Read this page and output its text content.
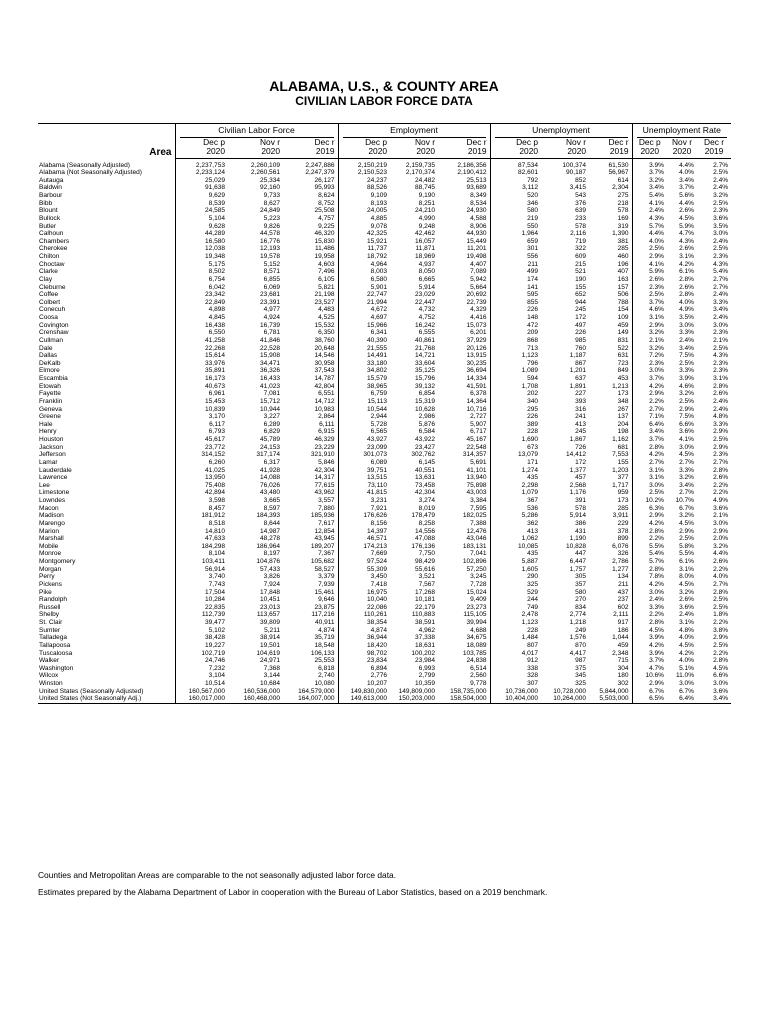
ALABAMA, U.S., & COUNTY AREA
CIVILIAN LABOR FORCE DATA

	Civilian Labor Force			Employment			Unemployment			Unemployment Rate		

Area	Dec p	Nov r	Dec r	Dec p	Nov r	Dec r	Dec p	Nov r	Dec r	Dec p	Nov r	Dec r
	2020	2020	2019	2020	2020	2019	2020	2020	2019	2020	2020	2019

Alabama (Seasonally Adjusted)	2,237,753	2,260,109	2,247,886	2,150,219	2,159,735	2,186,356	87,534	100,374	61,530	3.9%	4.4%	2.7%
Alabama (Not Seasonally Adjusted)	2,233,124	2,260,561	2,247,379	2,150,523	2,170,374	2,190,412	82,601	90,187	56,967	3.7%	4.0%	2.5%
Autauga	25,029	25,334	26,127	24,237	24,482	25,513	792	852	614	3.2%	3.4%	2.4%
Baldwin	91,638	92,160	95,993	88,526	88,745	93,689	3,112	3,415	2,304	3.4%	3.7%	2.4%
Barbour	9,629	9,733	8,624	9,109	9,190	8,349	520	543	275	5.4%	5.6%	3.2%
Bibb	8,539	8,627	8,752	8,193	8,251	8,534	346	376	218	4.1%	4.4%	2.5%
Blount	24,585	24,849	25,508	24,005	24,210	24,930	580	639	578	2.4%	2.6%	2.3%
Bullock	5,104	5,223	4,757	4,885	4,990	4,588	219	233	169	4.3%	4.5%	3.6%
Butler	9,628	9,826	9,225	9,078	9,248	8,906	550	578	319	5.7%	5.9%	3.5%
Calhoun	44,289	44,578	46,320	42,325	42,462	44,930	1,964	2,116	1,390	4.4%	4.7%	3.0%
Chambers	16,580	16,776	15,830	15,921	16,057	15,449	659	719	381	4.0%	4.3%	2.4%
Cherokee	12,038	12,193	11,486	11,737	11,871	11,201	301	322	285	2.5%	2.6%	2.5%
Chilton	19,348	19,578	19,958	18,792	18,969	19,498	556	609	460	2.9%	3.1%	2.3%
Choctaw	5,175	5,152	4,603	4,964	4,937	4,407	211	215	196	4.1%	4.2%	4.3%
Clarke	8,502	8,571	7,496	8,003	8,050	7,089	499	521	407	5.9%	6.1%	5.4%
Clay	6,754	6,855	6,105	6,580	6,665	5,942	174	190	163	2.6%	2.8%	2.7%
Cleburne	6,042	6,069	5,821	5,901	5,914	5,664	141	155	157	2.3%	2.6%	2.7%
Coffee	23,342	23,681	21,198	22,747	23,029	20,692	595	652	506	2.5%	2.8%	2.4%
Colbert	22,849	23,391	23,527	21,994	22,447	22,739	855	944	788	3.7%	4.0%	3.3%
Conecuh	4,898	4,977	4,483	4,672	4,732	4,329	226	245	154	4.6%	4.9%	3.4%
Coosa	4,845	4,924	4,525	4,697	4,752	4,416	148	172	109	3.1%	3.5%	2.4%
Covington	16,438	16,739	15,532	15,966	16,242	15,073	472	497	459	2.9%	3.0%	3.0%
Crenshaw	6,550	6,781	6,350	6,341	6,555	6,201	209	226	149	3.2%	3.3%	2.3%
Cullman	41,258	41,846	38,760	40,390	40,861	37,929	868	985	831	2.1%	2.4%	2.1%
Dale	22,268	22,528	20,648	21,555	21,768	20,126	713	760	522	3.2%	3.4%	2.5%
Dallas	15,614	15,908	14,546	14,491	14,721	13,915	1,123	1,187	631	7.2%	7.5%	4.3%
DeKalb	33,976	34,471	30,958	33,180	33,604	30,235	796	867	723	2.3%	2.5%	2.3%
Elmore	35,891	36,326	37,543	34,802	35,125	36,694	1,089	1,201	849	3.0%	3.3%	2.3%
Escambia	16,173	16,433	14,787	15,579	15,796	14,334	594	637	453	3.7%	3.9%	3.1%
Etowah	40,673	41,023	42,804	38,965	39,132	41,591	1,708	1,891	1,213	4.2%	4.6%	2.8%
Fayette	6,961	7,081	6,551	6,759	6,854	6,378	202	227	173	2.9%	3.2%	2.6%
Franklin	15,453	15,712	14,712	15,113	15,319	14,364	340	393	348	2.2%	2.5%	2.4%
Geneva	10,839	10,944	10,983	10,544	10,628	10,716	295	316	267	2.7%	2.9%	2.4%
Greene	3,170	3,227	2,864	2,944	2,986	2,727	226	241	137	7.1%	7.5%	4.8%
Hale	6,117	6,289	6,111	5,728	5,876	5,907	389	413	204	6.4%	6.6%	3.3%
Henry	6,793	6,829	6,915	6,565	6,584	6,717	228	245	198	3.4%	3.6%	2.9%
Houston	45,617	45,789	46,329	43,927	43,922	45,167	1,690	1,867	1,162	3.7%	4.1%	2.5%
Jackson	23,772	24,153	23,229	23,099	23,427	22,548	673	726	681	2.8%	3.0%	2.9%
Jefferson	314,152	317,174	321,910	301,073	302,762	314,357	13,079	14,412	7,553	4.2%	4.5%	2.3%
Lamar	6,260	6,317	5,846	6,089	6,145	5,691	171	172	155	2.7%	2.7%	2.7%
Lauderdale	41,025	41,928	42,304	39,751	40,551	41,101	1,274	1,377	1,203	3.1%	3.3%	2.8%
Lawrence	13,950	14,088	14,317	13,515	13,631	13,940	435	457	377	3.1%	3.2%	2.6%
Lee	75,408	76,026	77,615	73,110	73,458	75,898	2,298	2,568	1,717	3.0%	3.4%	2.2%
Limestone	42,894	43,480	43,962	41,815	42,304	43,003	1,079	1,176	959	2.5%	2.7%	2.2%
Lowndes	3,598	3,665	3,557	3,231	3,274	3,384	367	391	173	10.2%	10.7%	4.9%
Macon	8,457	8,597	7,880	7,921	8,019	7,595	536	578	285	6.3%	6.7%	3.6%
Madison	181,912	184,393	185,936	176,626	178,479	182,025	5,286	5,914	3,911	2.9%	3.2%	2.1%
Marengo	8,518	8,644	7,617	8,156	8,258	7,388	362	386	229	4.2%	4.5%	3.0%
Marion	14,810	14,987	12,854	14,397	14,556	12,476	413	431	378	2.8%	2.9%	2.9%
Marshall	47,633	48,278	43,945	46,571	47,088	43,046	1,062	1,190	899	2.2%	2.5%	2.0%
Mobile	184,298	186,964	189,207	174,213	176,136	183,131	10,085	10,828	6,076	5.5%	5.8%	3.2%
Monroe	8,104	8,197	7,367	7,669	7,750	7,041	435	447	326	5.4%	5.5%	4.4%
Montgomery	103,411	104,876	105,682	97,524	98,429	102,896	5,887	6,447	2,786	5.7%	6.1%	2.6%
Morgan	56,914	57,433	58,527	55,309	55,616	57,250	1,605	1,757	1,277	2.8%	3.1%	2.2%
Perry	3,740	3,826	3,379	3,450	3,521	3,245	290	305	134	7.8%	8.0%	4.0%
Pickens	7,743	7,924	7,939	7,418	7,567	7,728	325	357	211	4.2%	4.5%	2.7%
Pike	17,504	17,848	15,461	16,975	17,268	15,024	529	580	437	3.0%	3.2%	2.8%
Randolph	10,284	10,451	9,646	10,040	10,181	9,409	244	270	237	2.4%	2.6%	2.5%
Russell	22,835	23,013	23,875	22,086	22,179	23,273	749	834	602	3.3%	3.6%	2.5%
Shelby	112,739	113,657	117,216	110,261	110,883	115,105	2,478	2,774	2,111	2.2%	2.4%	1.8%
St. Clair	39,477	39,809	40,911	38,354	38,591	39,994	1,123	1,218	917	2.8%	3.1%	2.2%
Sumter	5,102	5,211	4,874	4,874	4,962	4,688	228	249	186	4.5%	4.8%	3.8%
Talladega	38,428	38,914	35,719	36,944	37,338	34,675	1,484	1,576	1,044	3.9%	4.0%	2.9%
Tallapoosa	19,227	19,501	18,548	18,420	18,631	18,089	807	870	459	4.2%	4.5%	2.5%
Tuscaloosa	102,719	104,619	106,133	98,702	100,202	103,785	4,017	4,417	2,348	3.9%	4.2%	2.2%
Walker	24,746	24,971	25,553	23,834	23,984	24,838	912	987	715	3.7%	4.0%	2.8%
Washington	7,232	7,368	6,818	6,894	6,993	6,514	338	375	304	4.7%	5.1%	4.5%
Wilcox	3,104	3,144	2,740	2,776	2,799	2,560	328	345	180	10.6%	11.0%	6.6%
Winston	10,514	10,684	10,080	10,207	10,359	9,778	307	325	302	2.9%	3.0%	3.0%
United States (Seasonally Adjusted)	160,567,000	160,536,000	164,579,000	149,830,000	149,809,000	158,735,000	10,736,000	10,728,000	5,844,000	6.7%	6.7%	3.6%
United States (Not Seasonally Adj.)	160,017,000	160,468,000	164,007,000	149,613,000	150,203,000	158,504,000	10,404,000	10,264,000	5,503,000	6.5%	6.4%	3.4%
Counties and Metropolitan Areas are comparable to the not seasonally adjusted labor force data.
Estimates prepared by the Alabama Department of Labor in cooperation with the Bureau of Labor Statistics, based on a 2019 benchmark.
